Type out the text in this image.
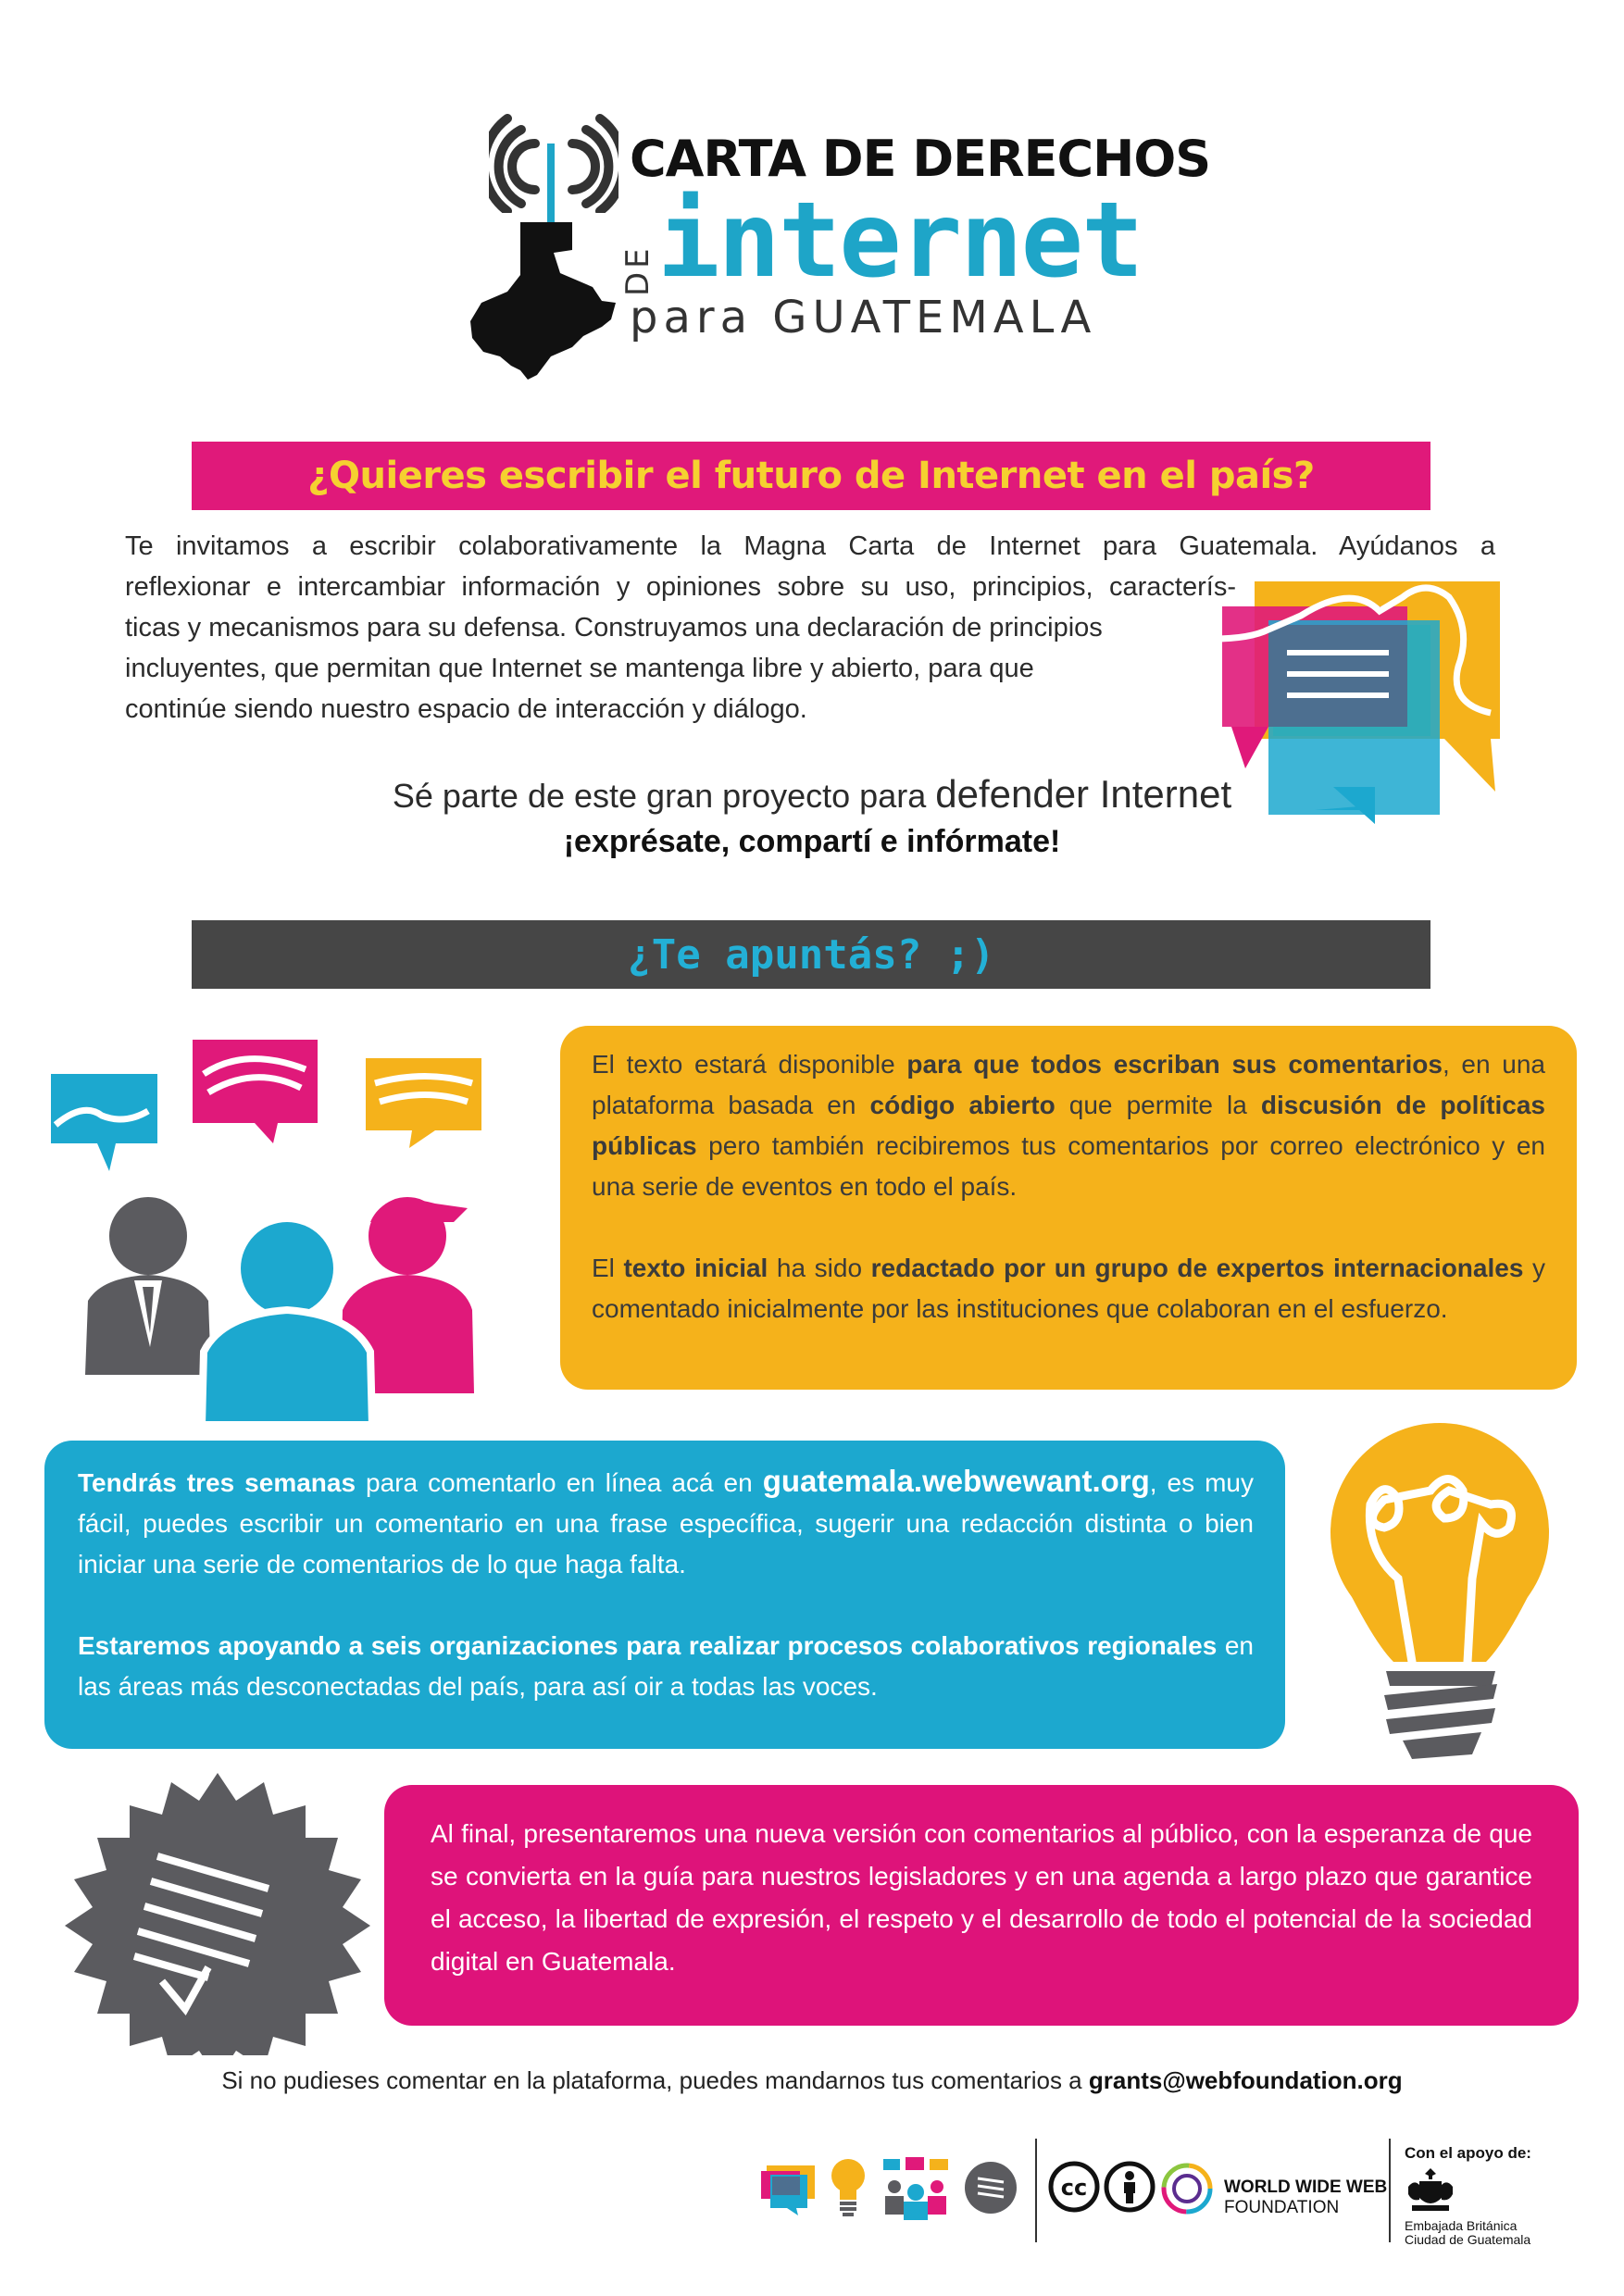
CARTA DE DERECHOS
DE internet
para GUATEMALA
¿Quieres escribir el futuro de Internet en el país?

Te invitamos a escribir colaborativamente la Magna Carta de Internet para Guatemala. Ayúdanos a

reflexionar e intercambiar información y opiniones sobre su uso, principios, caracterís-

ticas y mecanismos para su defensa. Construyamos una declaración de principios

incluyentes, que permitan que Internet se mantenga libre y abierto, para que

continúe siendo nuestro espacio de interacción y diálogo.

Sé parte de este gran proyecto para defender Internet
¡exprésate, compartí e infórmate!
¿Te apuntás? ;)

El texto estará disponible para que todos escriban sus comentarios, en una plataforma basada en código abierto que permite la discusión de políticas públicas pero también recibiremos tus comentarios por correo electrónico y en una serie de eventos en todo el país.

El texto inicial ha sido redactado por un grupo de expertos internacionales y comentado inicialmente por las instituciones que colaboran en el esfuerzo.

Tendrás tres semanas para comentarlo en línea acá en guatemala.webwewant.org, es muy fácil, puedes escribir un comentario en una frase específica, sugerir una redacción distinta o bien iniciar una serie de comentarios de lo que haga falta.

Estaremos apoyando a seis organizaciones para realizar procesos colaborativos regionales en las áreas más desconectadas del país, para así oir a todas las voces.

Al final, presentaremos una nueva versión con comentarios al público, con la esperanza de que se convierta en la guía para nuestros legisladores y en una agenda a largo plazo que garantice el acceso, la libertad de expresión, el respeto y el desarrollo de todo el potencial de la sociedad digital en Guatemala.

Si no pudieses comentar en la plataforma, puedes mandarnos tus comentarios a grants@webfoundation.org
cc	WORLD WIDE WEB
FOUNDATION
Con el apoyo de:
Embajada Británica
Ciudad de Guatemala
